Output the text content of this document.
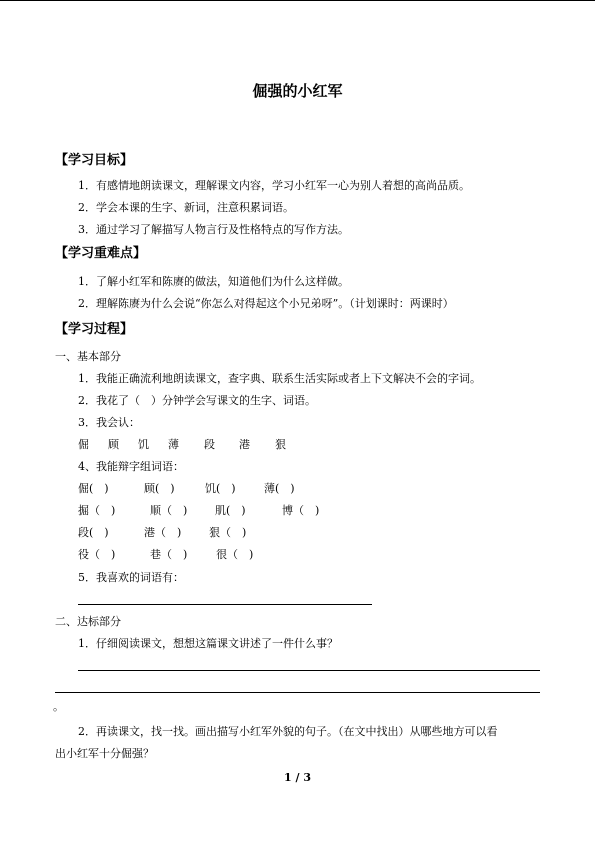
倔强的小红军
【学习目标】
1．有感情地朗读课文，理解课文内容，学习小红军一心为别人着想的高尚品质。
2．学会本课的生字、新词，注意积累词语。
3．通过学习了解描写人物言行及性格特点的写作方法。
【学习重难点】
1．了解小红军和陈赓的做法，知道他们为什么这样做。
2．理解陈赓为什么会说“你怎么对得起这个小兄弟呀”。（计划课时：两课时）
【学习过程】
一、基本部分
1．我能正确流利地朗读课文，查字典、联系生活实际或者上下文解决不会的字词。
2．我花了（　）分钟学会写课文的生字、词语。
3．我会认：
倔 顾 饥 薄 段 港 狠
4、我能辩字组词语：
倔(　)	顾(　)	饥(　)	薄(　)
掘（　)	顺（　)	肌(　)	博（　)
段(　)	港（　)	狠（　)
役（　)	巷（　)	很（　)
5．我喜欢的词语有：
二、达标部分
1．仔细阅读课文，想想这篇课文讲述了一件什么事？
。
2．再读课文，找一找。画出描写小红军外貌的句子。（在文中找出）从哪些地方可以看
出小红军十分倔强？
1 / 3
